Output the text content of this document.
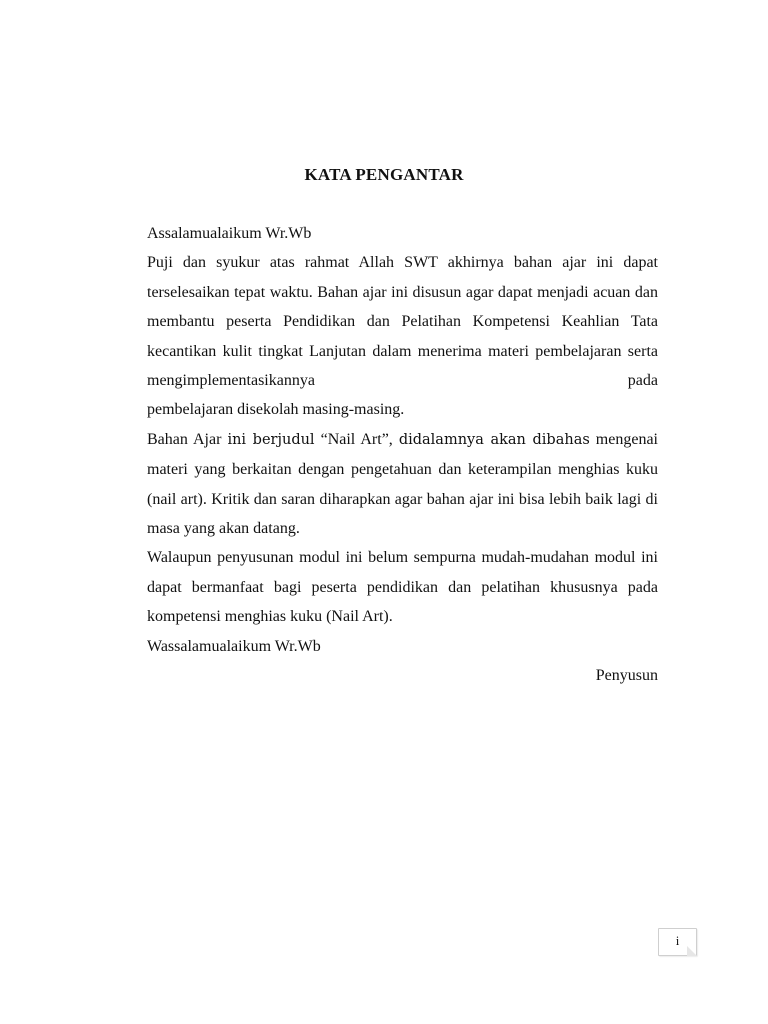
KATA PENGANTAR

Assalamualaikum Wr.Wb

Puji dan syukur atas rahmat Allah SWT akhirnya bahan ajar ini dapat terselesaikan tepat waktu. Bahan ajar ini disusun agar dapat menjadi acuan dan membantu peserta Pendidikan dan Pelatihan Kompetensi Keahlian Tata kecantikan kulit tingkat Lanjutan dalam menerima materi pembelajaran serta mengimplementasikannya pada

pembelajaran disekolah masing-masing.

Bahan Ajar ini berjudul “Nail Art”, didalamnya akan dibahas mengenai materi yang berkaitan dengan pengetahuan dan keterampilan menghias kuku (nail art). Kritik dan saran diharapkan agar bahan ajar ini bisa lebih baik lagi di masa yang akan datang.

Walaupun penyusunan modul ini belum sempurna mudah-mudahan modul ini dapat bermanfaat bagi peserta pendidikan dan pelatihan khususnya pada kompetensi menghias kuku (Nail Art).

Wassalamualaikum Wr.Wb

Penyusun

i
